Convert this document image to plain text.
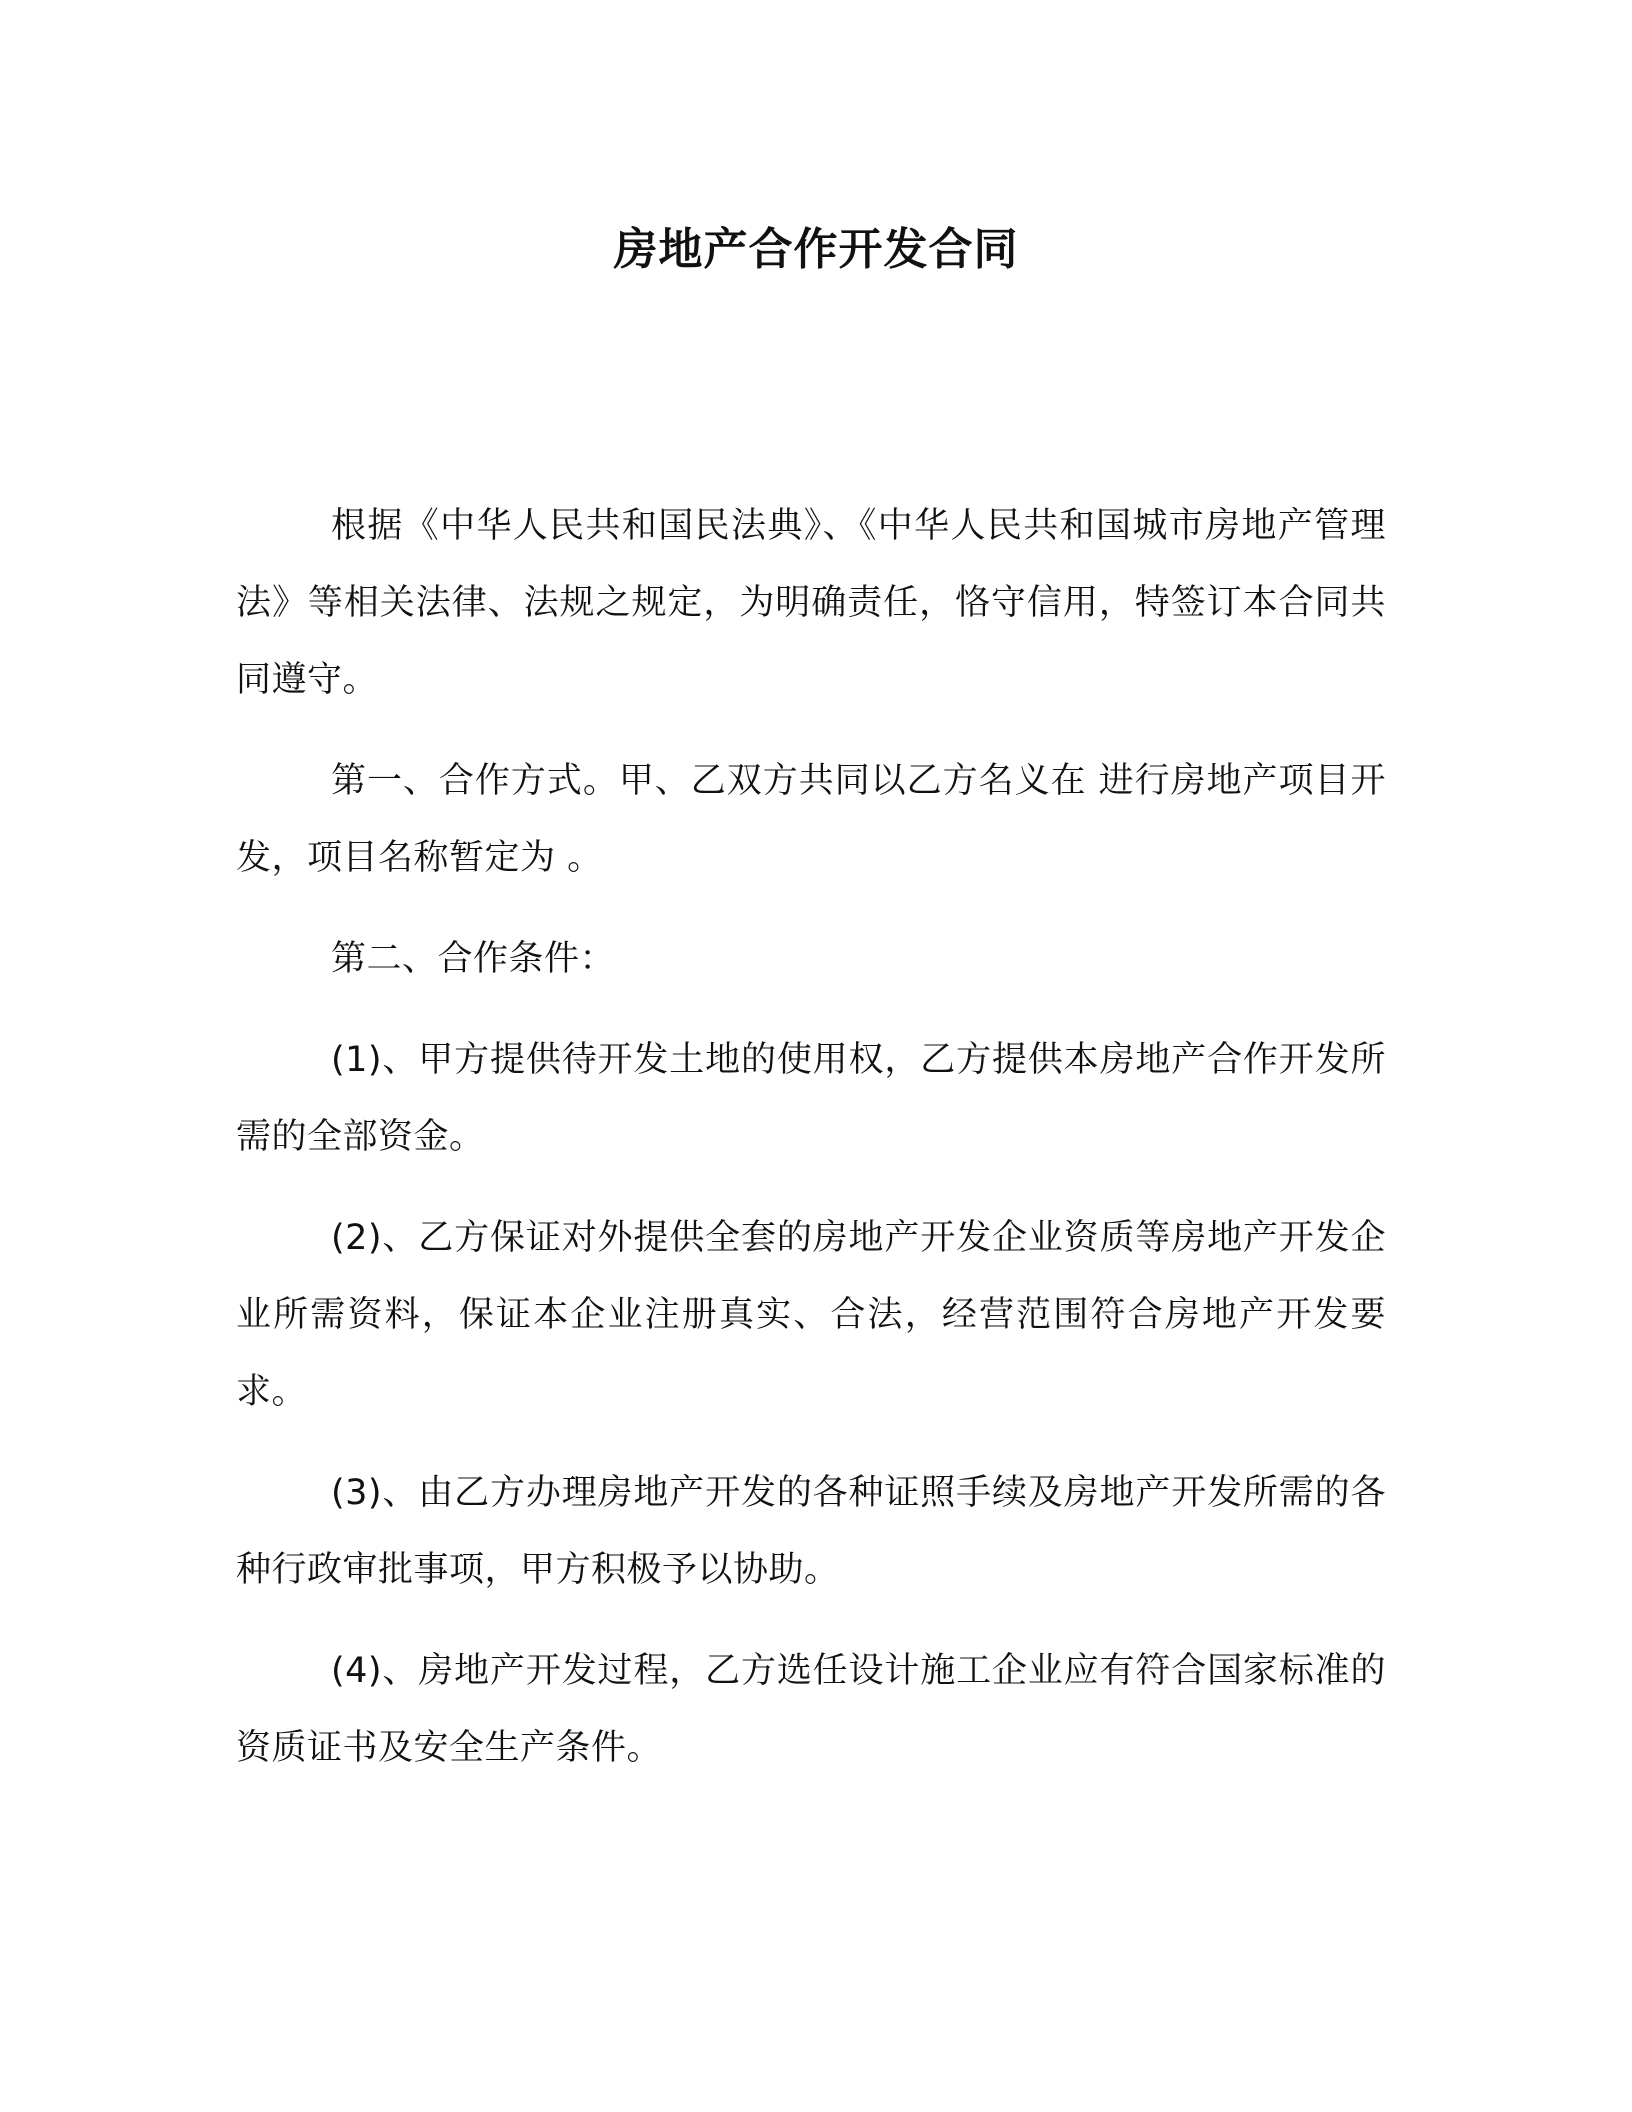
房地产合作开发合同

根据《中华人民共和国民法典》、《中华人民共和国城市房地产管理法》等相关法律、法规之规定，为明确责任，恪守信用，特签订本合同共同遵守。

第一、合作方式。甲、乙双方共同以乙方名义在 进行房地产项目开发，项目名称暂定为 。

第二、合作条件：

(1)、甲方提供待开发土地的使用权，乙方提供本房地产合作开发所需的全部资金。

(2)、乙方保证对外提供全套的房地产开发企业资质等房地产开发企业所需资料，保证本企业注册真实、合法，经营范围符合房地产开发要求。

(3)、由乙方办理房地产开发的各种证照手续及房地产开发所需的各种行政审批事项，甲方积极予以协助。

(4)、房地产开发过程，乙方选任设计施工企业应有符合国家标准的资质证书及安全生产条件。
